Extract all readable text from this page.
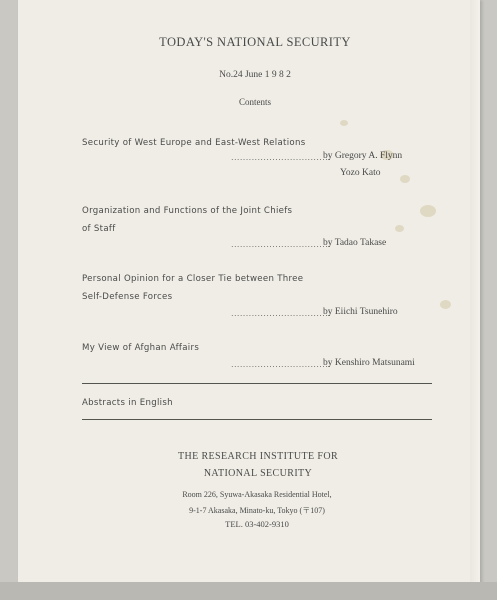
TODAY'S NATIONAL SECURITY
No.24 June 1 9 8 2
Contents
Security of West Europe and East-West Relations
..................................
by Gregory A. Flynn
Yozo Kato
Organization and Functions of the Joint Chiefs
of Staff
..................................
by Tadao Takase
Personal Opinion for a Closer Tie between Three
Self-Defense Forces
..................................
by Eiichi Tsunehiro
My View of Afghan Affairs
..................................
by Kenshiro Matsunami
Abstracts in English
THE RESEARCH INSTITUTE FOR
NATIONAL SECURITY
Room 226, Syuwa-Akasaka Residential Hotel,
9-1-7 Akasaka, Minato-ku, Tokyo (〒107)
TEL. 03-402-9310
